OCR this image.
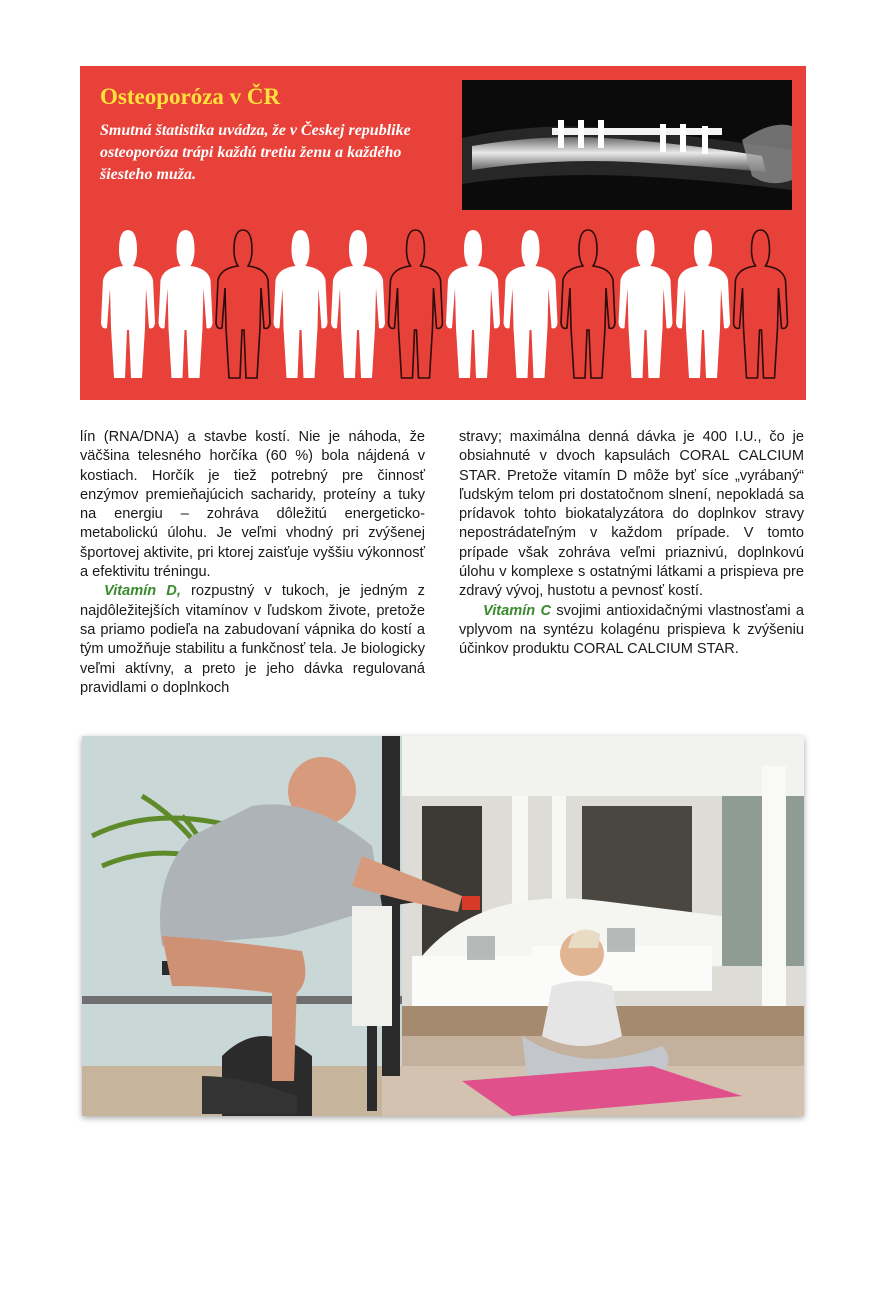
Osteoporóza v ČR

Smutná štatistika uvádza, že v Českej republike osteoporóza trápi každú tretiu ženu a každého šiesteho muža.

lín (RNA/DNA) a stavbe kostí. Nie je náhoda, že väčšina telesného horčíka (60 %) bola nájdená v kostiach. Horčík je tiež potrebný pre činnosť enzýmov premieňajúcich sacharidy, proteíny a tuky na energiu – zohráva dôležitú energeticko-metabolickú úlohu. Je veľmi vhodný pri zvýšenej športovej aktivite, pri ktorej zaisťuje vyššiu výkonnosť a efektivitu tréningu.

Vitamín D, rozpustný v tukoch, je jedným z najdôležitejších vitamínov v ľudskom živote, pretože sa priamo podieľa na zabudovaní vápnika do kostí a tým umožňuje stabilitu a funkčnosť tela. Je biologicky veľmi aktívny, a preto je jeho dávka regulovaná pravidlami o doplnkoch

stravy; maximálna denná dávka je 400 I.U., čo je obsiahnuté v dvoch kapsulách CORAL CALCIUM STAR. Pretože vitamín D môže byť síce „vyrábaný“ ľudským telom pri dostatočnom slnení, nepokladá sa prídavok tohto biokatalyzátora do doplnkov stravy nepostrádateľným v každom prípade. V tomto prípade však zohráva veľmi priaznivú, doplnkovú úlohu v komplexe s ostatnými látkami a prispieva pre zdravý vývoj, hustotu a pevnosť kostí.

Vitamín C svojimi antioxidačnými vlastnosťami a vplyvom na syntézu kolagénu prispieva k zvýšeniu účinkov produktu CORAL CALCIUM STAR.
